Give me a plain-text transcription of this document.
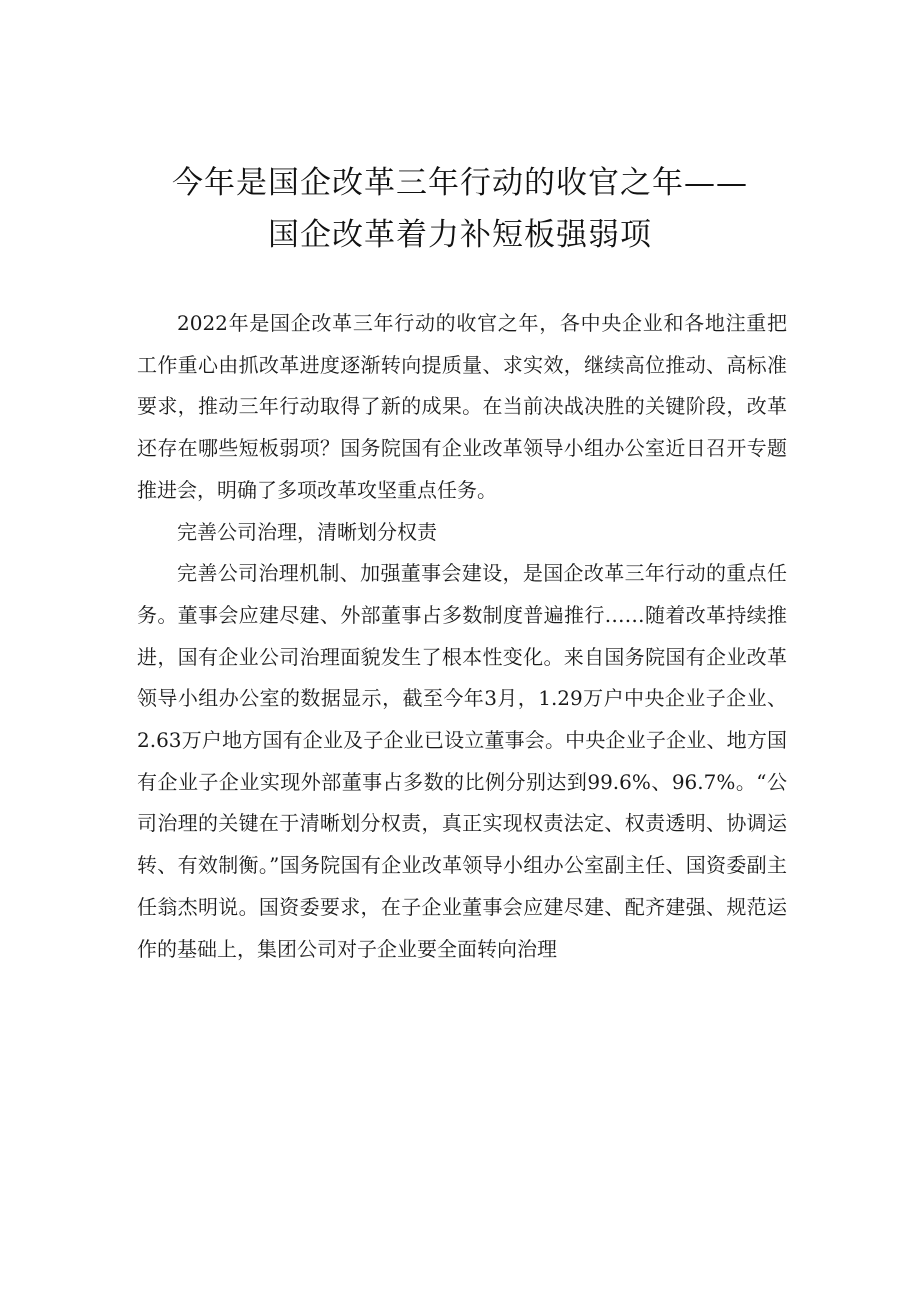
今年是国企改革三年行动的收官之年——
国企改革着力补短板强弱项

2022年是国企改革三年行动的收官之年，各中央企业和各地注重把工作重心由抓改革进度逐渐转向提质量、求实效，继续高位推动、高标准要求，推动三年行动取得了新的成果。在当前决战决胜的关键阶段，改革还存在哪些短板弱项？国务院国有企业改革领导小组办公室近日召开专题推进会，明确了多项改革攻坚重点任务。

完善公司治理，清晰划分权责

完善公司治理机制、加强董事会建设，是国企改革三年行动的重点任务。董事会应建尽建、外部董事占多数制度普遍推行……随着改革持续推进，国有企业公司治理面貌发生了根本性变化。来自国务院国有企业改革领导小组办公室的数据显示，截至今年3月，1.29万户中央企业子企业、2.63万户地方国有企业及子企业已设立董事会。中央企业子企业、地方国有企业子企业实现外部董事占多数的比例分别达到99.6%、96.7%。“公司治理的关键在于清晰划分权责，真正实现权责法定、权责透明、协调运转、有效制衡。”国务院国有企业改革领导小组办公室副主任、国资委副主任翁杰明说。国资委要求，在子企业董事会应建尽建、配齐建强、规范运作的基础上，集团公司对子企业要全面转向治理
